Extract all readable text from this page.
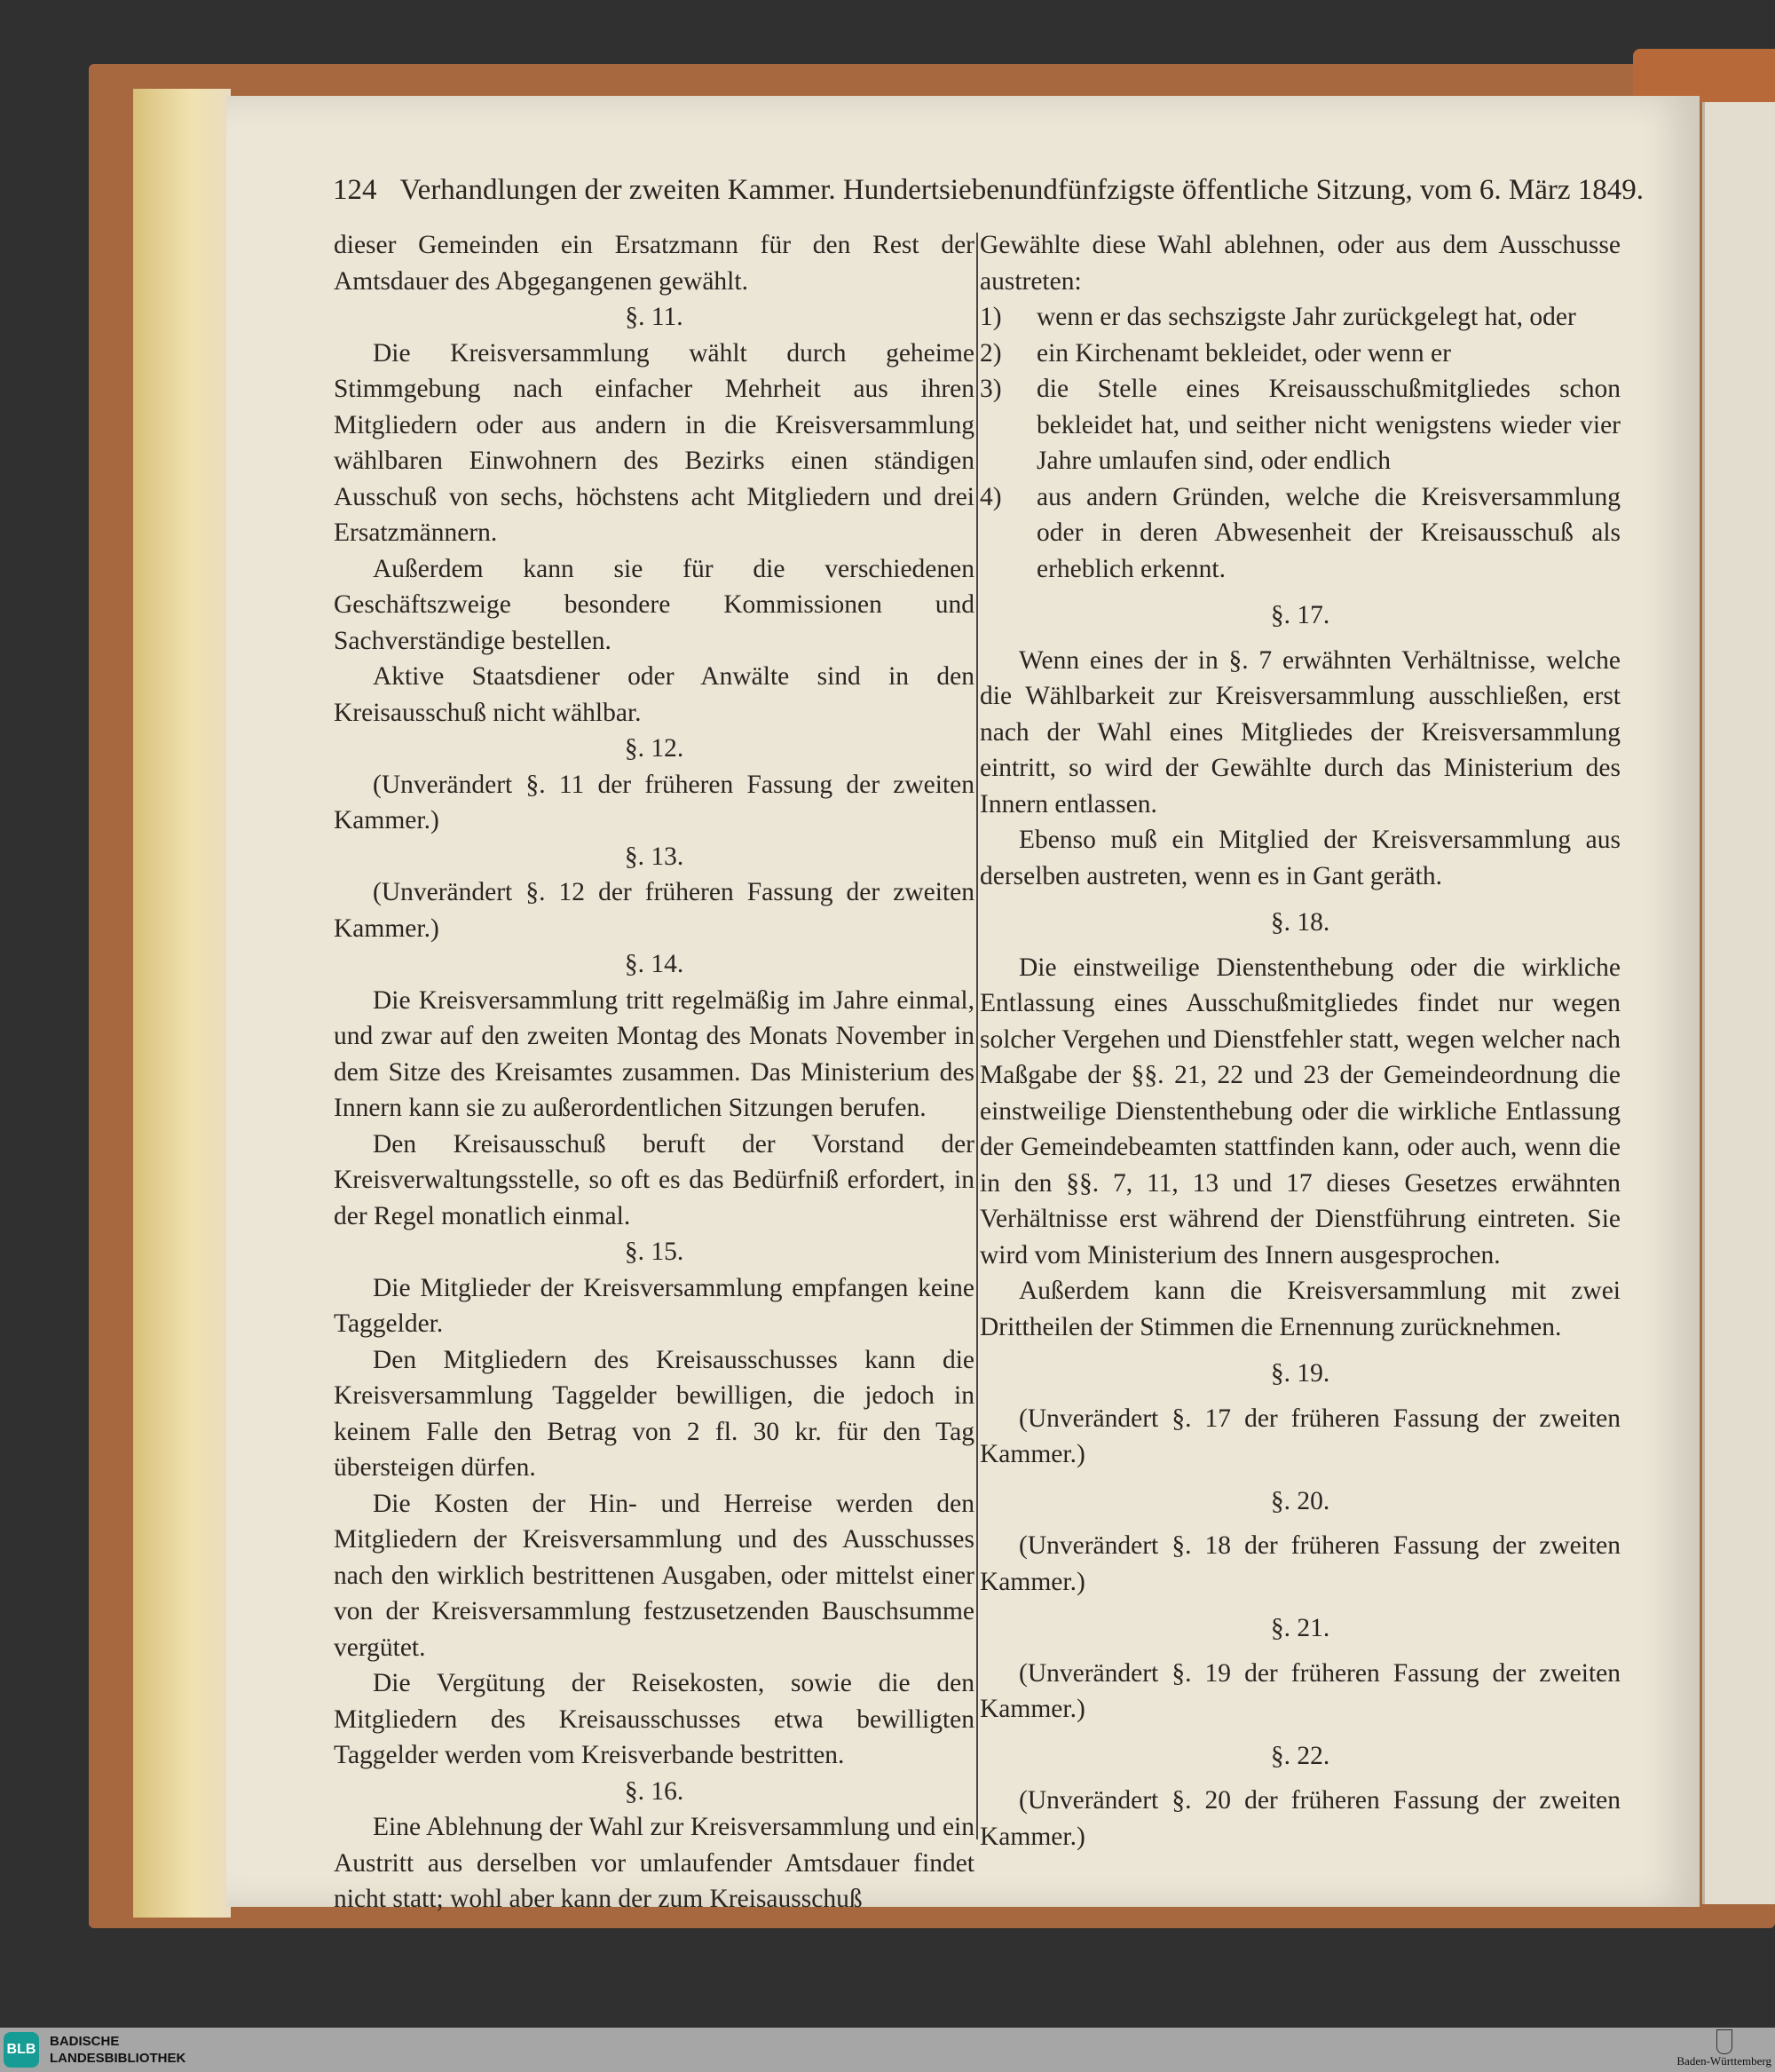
124 Verhandlungen der zweiten Kammer. Hundertsiebenundfünfzigste öffentliche Sitzung, vom 6. März 1849.

dieser Gemeinden ein Ersatzmann für den Rest der Amtsdauer des Abgegangenen gewählt.

§. 11.

Die Kreisversammlung wählt durch geheime Stimmgebung nach einfacher Mehrheit aus ihren Mitgliedern oder aus andern in die Kreisversammlung wählbaren Einwohnern des Bezirks einen ständigen Ausschuß von sechs, höchstens acht Mitgliedern und drei Ersatzmännern.

Außerdem kann sie für die verschiedenen Geschäftszweige besondere Kommissionen und Sachverständige bestellen.

Aktive Staatsdiener oder Anwälte sind in den Kreisausschuß nicht wählbar.

§. 12.

(Unverändert §. 11 der früheren Fassung der zweiten Kammer.)

§. 13.

(Unverändert §. 12 der früheren Fassung der zweiten Kammer.)

§. 14.

Die Kreisversammlung tritt regelmäßig im Jahre einmal, und zwar auf den zweiten Montag des Monats November in dem Sitze des Kreisamtes zusammen. Das Ministerium des Innern kann sie zu außerordentlichen Sitzungen berufen.

Den Kreisausschuß beruft der Vorstand der Kreisverwaltungsstelle, so oft es das Bedürfniß erfordert, in der Regel monatlich einmal.

§. 15.

Die Mitglieder der Kreisversammlung empfangen keine Taggelder.

Den Mitgliedern des Kreisausschusses kann die Kreisversammlung Taggelder bewilligen, die jedoch in keinem Falle den Betrag von 2 fl. 30 kr. für den Tag übersteigen dürfen.

Die Kosten der Hin- und Herreise werden den Mitgliedern der Kreisversammlung und des Ausschusses nach den wirklich bestrittenen Ausgaben, oder mittelst einer von der Kreisversammlung festzusetzenden Bauschsumme vergütet.

Die Vergütung der Reisekosten, sowie die den Mitgliedern des Kreisausschusses etwa bewilligten Taggelder werden vom Kreisverbande bestritten.

§. 16.

Eine Ablehnung der Wahl zur Kreisversammlung und ein Austritt aus derselben vor umlaufender Amtsdauer findet nicht statt; wohl aber kann der zum Kreisausschuß

Gewählte diese Wahl ablehnen, oder aus dem Ausschusse austreten:

1)	wenn er das sechszigste Jahr zurückgelegt hat, oder
2)	ein Kirchenamt bekleidet, oder wenn er
3)	die Stelle eines Kreisausschußmitgliedes schon bekleidet hat, und seither nicht wenigstens wieder vier Jahre umlaufen sind, oder endlich
4)	aus andern Gründen, welche die Kreisversammlung oder in deren Abwesenheit der Kreisausschuß als erheblich erkennt.
§. 17.

Wenn eines der in §. 7 erwähnten Verhältnisse, welche die Wählbarkeit zur Kreisversammlung ausschließen, erst nach der Wahl eines Mitgliedes der Kreisversammlung eintritt, so wird der Gewählte durch das Ministerium des Innern entlassen.

Ebenso muß ein Mitglied der Kreisversammlung aus derselben austreten, wenn es in Gant geräth.

§. 18.

Die einstweilige Dienstenthebung oder die wirkliche Entlassung eines Ausschußmitgliedes findet nur wegen solcher Vergehen und Dienstfehler statt, wegen welcher nach Maßgabe der §§. 21, 22 und 23 der Gemeindeordnung die einstweilige Dienstenthebung oder die wirkliche Entlassung der Gemeindebeamten stattfinden kann, oder auch, wenn die in den §§. 7, 11, 13 und 17 dieses Gesetzes erwähnten Verhältnisse erst während der Dienstführung eintreten. Sie wird vom Ministerium des Innern ausgesprochen.

Außerdem kann die Kreisversammlung mit zwei Drittheilen der Stimmen die Ernennung zurücknehmen.

§. 19.

(Unverändert §. 17 der früheren Fassung der zweiten Kammer.)

§. 20.

(Unverändert §. 18 der früheren Fassung der zweiten Kammer.)

§. 21.

(Unverändert §. 19 der früheren Fassung der zweiten Kammer.)

§. 22.

(Unverändert §. 20 der früheren Fassung der zweiten Kammer.)

BLB
BADISCHE
LANDESBIBLIOTHEK	Baden-Württemberg
